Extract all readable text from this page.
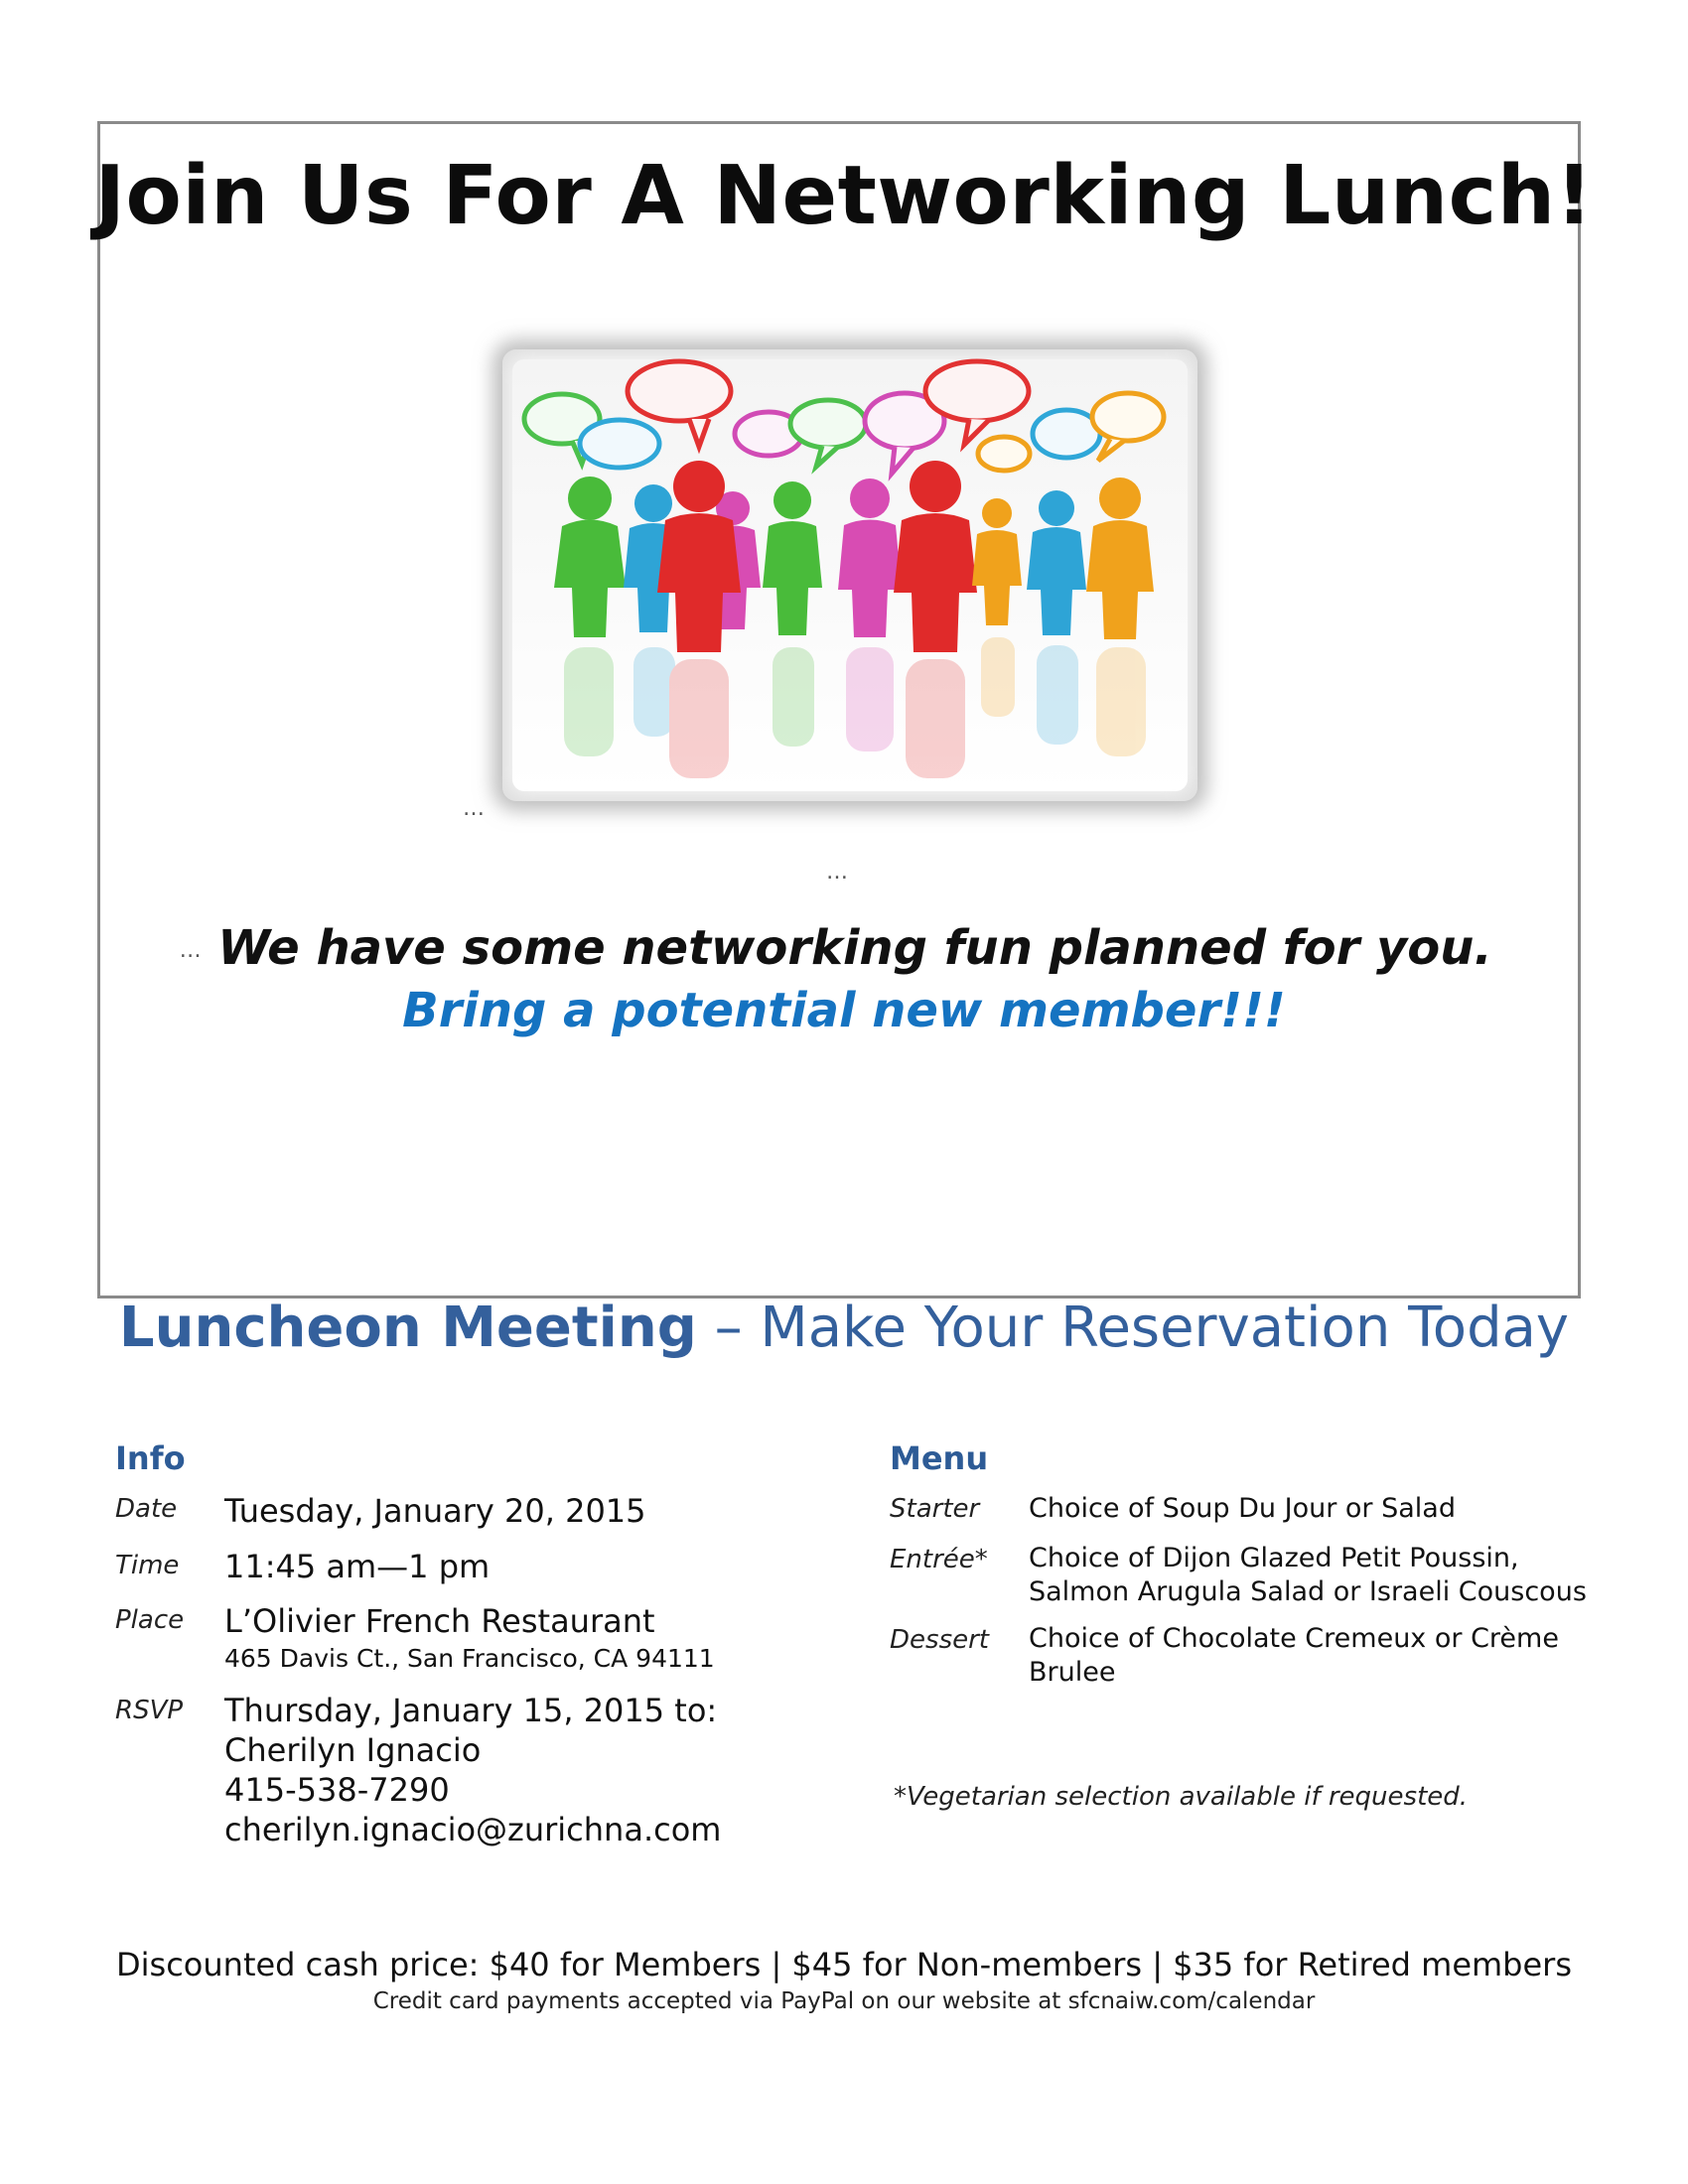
Join Us For A Networking Lunch!
…
…
… We have some networking fun planned for you.  Bring a potential new member!!!
Luncheon Meeting – Make Your Reservation Today
Info
Date Tuesday, January 20, 2015
Time 11:45 am—1 pm
Place L’Olivier French Restaurant
465 Davis Ct., San Francisco, CA 94111
RSVP Thursday, January 15, 2015 to:
Cherilyn Ignacio
415-538-7290
cherilyn.ignacio@zurichna.com
Menu
Starter Choice of Soup Du Jour or Salad
Entrée* Choice of Dijon Glazed Petit Poussin,
Salmon Arugula Salad or Israeli Couscous
Dessert Choice of Chocolate Cremeux or Crème
Brulee
*Vegetarian selection available if requested.
Discounted cash price: $40 for Members | $45 for Non-members | $35 for Retired members
Credit card payments accepted via PayPal on our website at sfcnaiw.com/calendar
